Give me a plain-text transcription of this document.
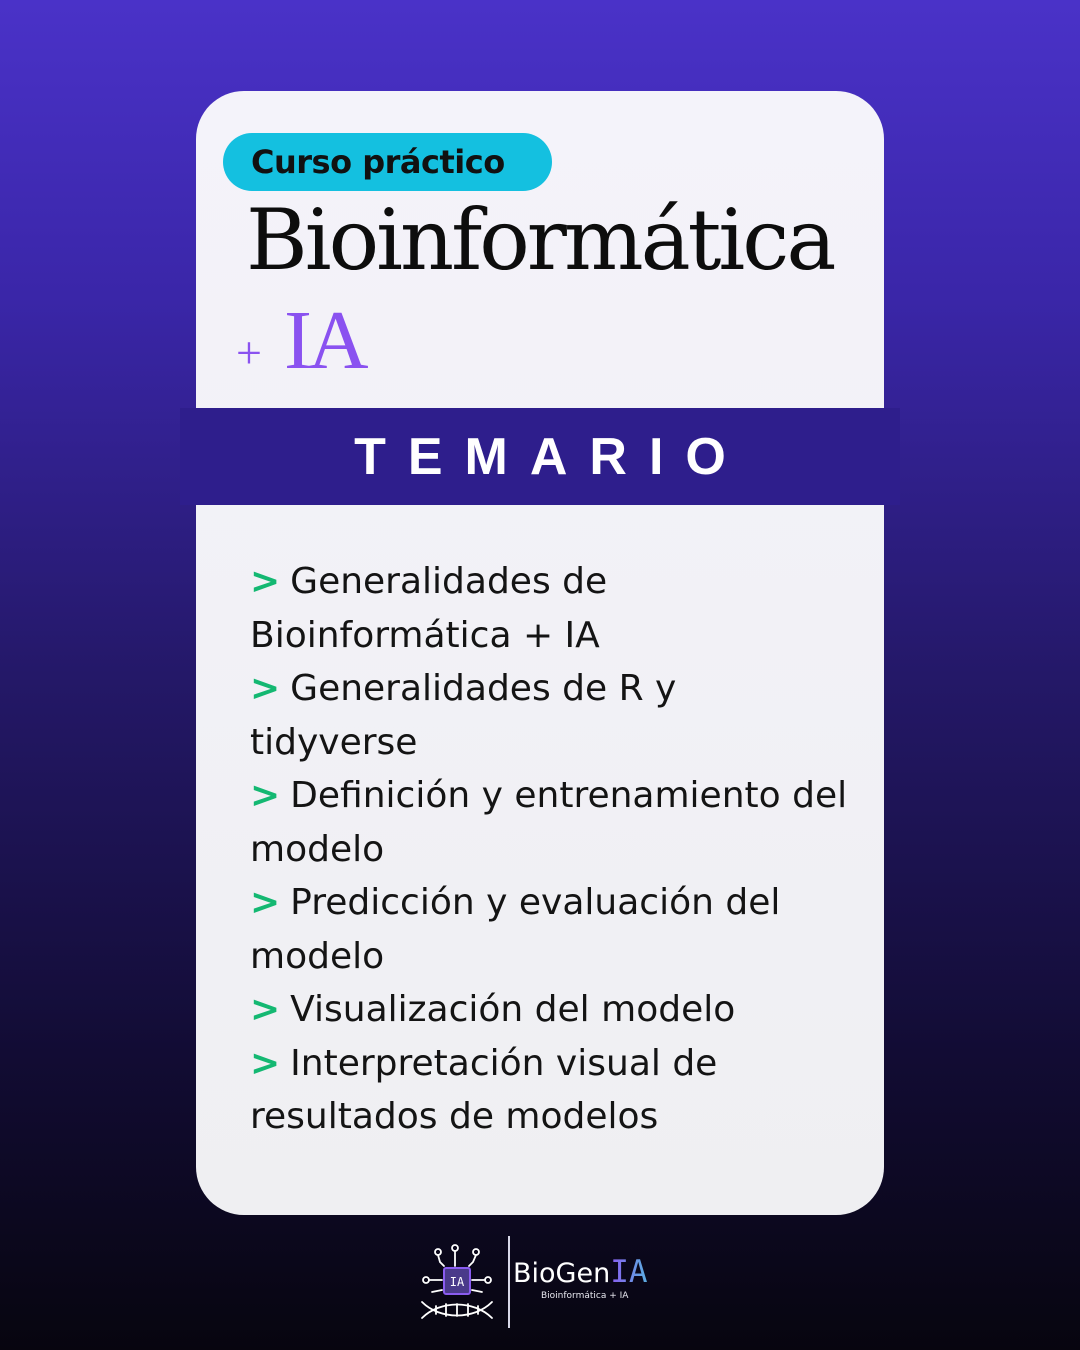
Curso práctico
Bioinformática
+ IA
TEMARIO
> Generalidades de Bioinformática + IA
> Generalidades de R y tidyverse
> Definición y entrenamiento del modelo
> Predicción y evaluación del modelo
> Visualización del modelo
> Interpretación visual de resultados de modelos
IA BioGenIA
Bioinformática + IA
